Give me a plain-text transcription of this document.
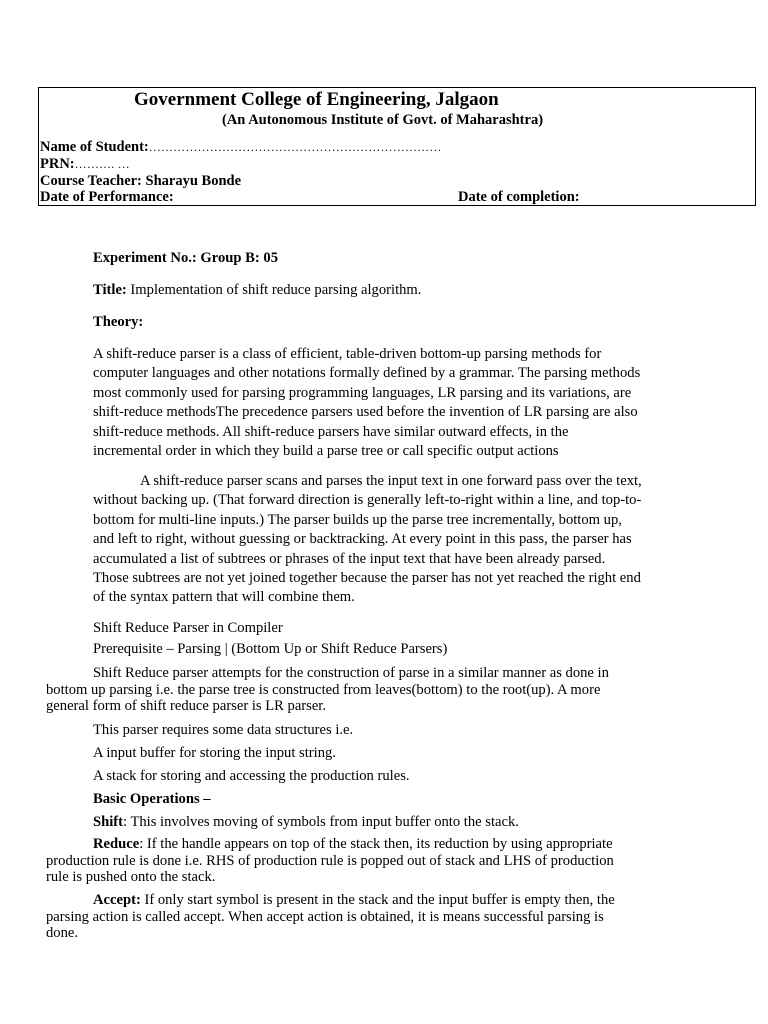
Government College of Engineering, Jalgaon
(An Autonomous Institute of Govt. of Maharashtra)
Name of Student:………………………………………………………………
PRN:………. …
Course Teacher: Sharayu Bonde
Date of Performance:	Date of completion:
Experiment No.: Group B: 05
Title: Implementation of shift reduce parsing algorithm.
Theory:
A shift-reduce parser is a class of efficient, table-driven bottom-up parsing methods for
computer languages and other notations formally defined by a grammar. The parsing methods
most commonly used for parsing programming languages, LR parsing and its variations, are
shift-reduce methodsThe precedence parsers used before the invention of LR parsing are also
shift-reduce methods. All shift-reduce parsers have similar outward effects, in the
incremental order in which they build a parse tree or call specific output actions
A shift-reduce parser scans and parses the input text in one forward pass over the text,
without backing up. (That forward direction is generally left-to-right within a line, and top-to-
bottom for multi-line inputs.) The parser builds up the parse tree incrementally, bottom up,
and left to right, without guessing or backtracking. At every point in this pass, the parser has
accumulated a list of subtrees or phrases of the input text that have been already parsed.
Those subtrees are not yet joined together because the parser has not yet reached the right end
of the syntax pattern that will combine them.
Shift Reduce Parser in Compiler
Prerequisite – Parsing | (Bottom Up or Shift Reduce Parsers)
Shift Reduce parser attempts for the construction of parse in a similar manner as done in
bottom up parsing i.e. the parse tree is constructed from leaves(bottom) to the root(up). A more
general form of shift reduce parser is LR parser.
This parser requires some data structures i.e.
A input buffer for storing the input string.
A stack for storing and accessing the production rules.
Basic Operations –
Shift: This involves moving of symbols from input buffer onto the stack.
Reduce: If the handle appears on top of the stack then, its reduction by using appropriate
production rule is done i.e. RHS of production rule is popped out of stack and LHS of production
rule is pushed onto the stack.
Accept: If only start symbol is present in the stack and the input buffer is empty then, the
parsing action is called accept. When accept action is obtained, it is means successful parsing is
done.
